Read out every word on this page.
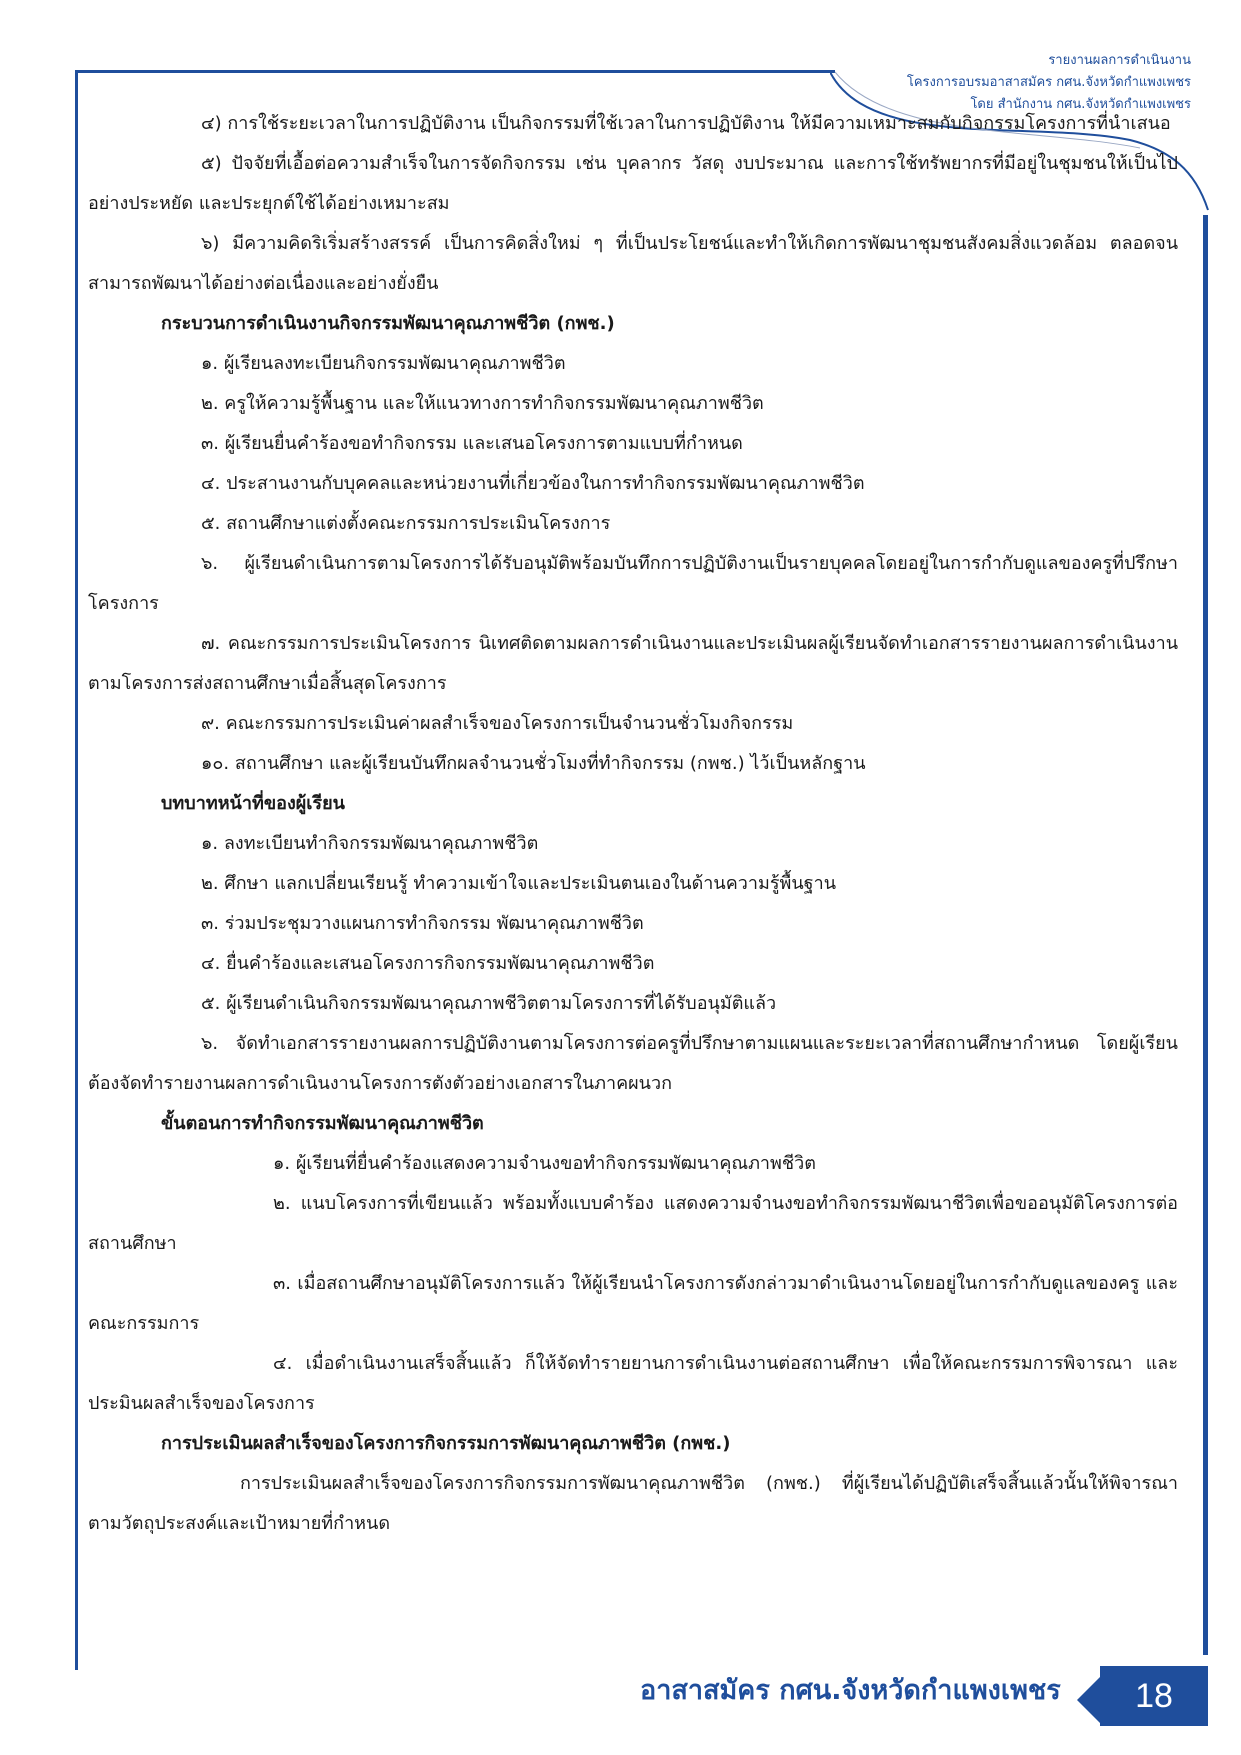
รายงานผลการดำเนินงาน
โครงการอบรมอาสาสมัคร กศน.จังหวัดกำแพงเพชร
โดย สำนักงาน กศน.จังหวัดกำแพงเพชร

๔) การใช้ระยะเวลาในการปฏิบัติงาน เป็นกิจกรรมที่ใช้เวลาในการปฏิบัติงาน ให้มีความเหมาะสมกับกิจกรรมโครงการที่นำเสนอ

๕) ปัจจัยที่เอื้อต่อความสำเร็จในการจัดกิจกรรม เช่น บุคลากร วัสดุ งบประมาณ และการใช้ทรัพยากรที่มีอยู่ในชุมชนให้เป็นไปอย่างประหยัด และประยุกต์ใช้ได้อย่างเหมาะสม

๖) มีความคิดริเริ่มสร้างสรรค์ เป็นการคิดสิ่งใหม่ ๆ ที่เป็นประโยชน์และทำให้เกิดการพัฒนาชุมชนสังคมสิ่งแวดล้อม ตลอดจนสามารถพัฒนาได้อย่างต่อเนื่องและอย่างยั่งยืน

กระบวนการดำเนินงานกิจกรรมพัฒนาคุณภาพชีวิต (กพช.)

๑. ผู้เรียนลงทะเบียนกิจกรรมพัฒนาคุณภาพชีวิต

๒. ครูให้ความรู้พื้นฐาน และให้แนวทางการทำกิจกรรมพัฒนาคุณภาพชีวิต

๓. ผู้เรียนยื่นคำร้องขอทำกิจกรรม และเสนอโครงการตามแบบที่กำหนด

๔. ประสานงานกับบุคคลและหน่วยงานที่เกี่ยวข้องในการทำกิจกรรมพัฒนาคุณภาพชีวิต

๕. สถานศึกษาแต่งตั้งคณะกรรมการประเมินโครงการ

๖. ผู้เรียนดำเนินการตามโครงการได้รับอนุมัติพร้อมบันทึกการปฏิบัติงานเป็นรายบุคคลโดยอยู่ในการกำกับดูแลของครูที่ปรึกษาโครงการ

๗. คณะกรรมการประเมินโครงการ นิเทศติดตามผลการดำเนินงานและประเมินผลผู้เรียนจัดทำเอกสารรายงานผลการดำเนินงานตามโครงการส่งสถานศึกษาเมื่อสิ้นสุดโครงการ

๙. คณะกรรมการประเมินค่าผลสำเร็จของโครงการเป็นจำนวนชั่วโมงกิจกรรม

๑๐. สถานศึกษา และผู้เรียนบันทึกผลจำนวนชั่วโมงที่ทำกิจกรรม (กพช.) ไว้เป็นหลักฐาน

บทบาทหน้าที่ของผู้เรียน

๑. ลงทะเบียนทำกิจกรรมพัฒนาคุณภาพชีวิต

๒. ศึกษา แลกเปลี่ยนเรียนรู้ ทำความเข้าใจและประเมินตนเองในด้านความรู้พื้นฐาน

๓. ร่วมประชุมวางแผนการทำกิจกรรม พัฒนาคุณภาพชีวิต

๔. ยื่นคำร้องและเสนอโครงการกิจกรรมพัฒนาคุณภาพชีวิต

๕. ผู้เรียนดำเนินกิจกรรมพัฒนาคุณภาพชีวิตตามโครงการที่ได้รับอนุมัติแล้ว

๖. จัดทำเอกสารรายงานผลการปฏิบัติงานตามโครงการต่อครูที่ปรึกษาตามแผนและระยะเวลาที่สถานศึกษากำหนด โดยผู้เรียนต้องจัดทำรายงานผลการดำเนินงานโครงการตังตัวอย่างเอกสารในภาคผนวก

ขั้นตอนการทำกิจกรรมพัฒนาคุณภาพชีวิต

๑. ผู้เรียนที่ยื่นคำร้องแสดงความจำนงขอทำกิจกรรมพัฒนาคุณภาพชีวิต

๒. แนบโครงการที่เขียนแล้ว พร้อมทั้งแบบคำร้อง แสดงความจำนงขอทำกิจกรรมพัฒนาชีวิตเพื่อขออนุมัติโครงการต่อสถานศึกษา

๓. เมื่อสถานศึกษาอนุมัติโครงการแล้ว ให้ผู้เรียนนำโครงการดังกล่าวมาดำเนินงานโดยอยู่ในการกำกับดูแลของครู และคณะกรรมการ

๔. เมื่อดำเนินงานเสร็จสิ้นแล้ว ก็ให้จัดทำรายยานการดำเนินงานต่อสถานศึกษา เพื่อให้คณะกรรมการพิจารณา และประมินผลสำเร็จของโครงการ

การประเมินผลสำเร็จของโครงการกิจกรรมการพัฒนาคุณภาพชีวิต (กพช.)

การประเมินผลสำเร็จของโครงการกิจกรรมการพัฒนาคุณภาพชีวิต (กพช.) ที่ผู้เรียนได้ปฏิบัติเสร็จสิ้นแล้วนั้นให้พิจารณาตามวัตถุประสงค์และเป้าหมายที่กำหนด

อาสาสมัคร กศน.จังหวัดกำแพงเพชร	18
